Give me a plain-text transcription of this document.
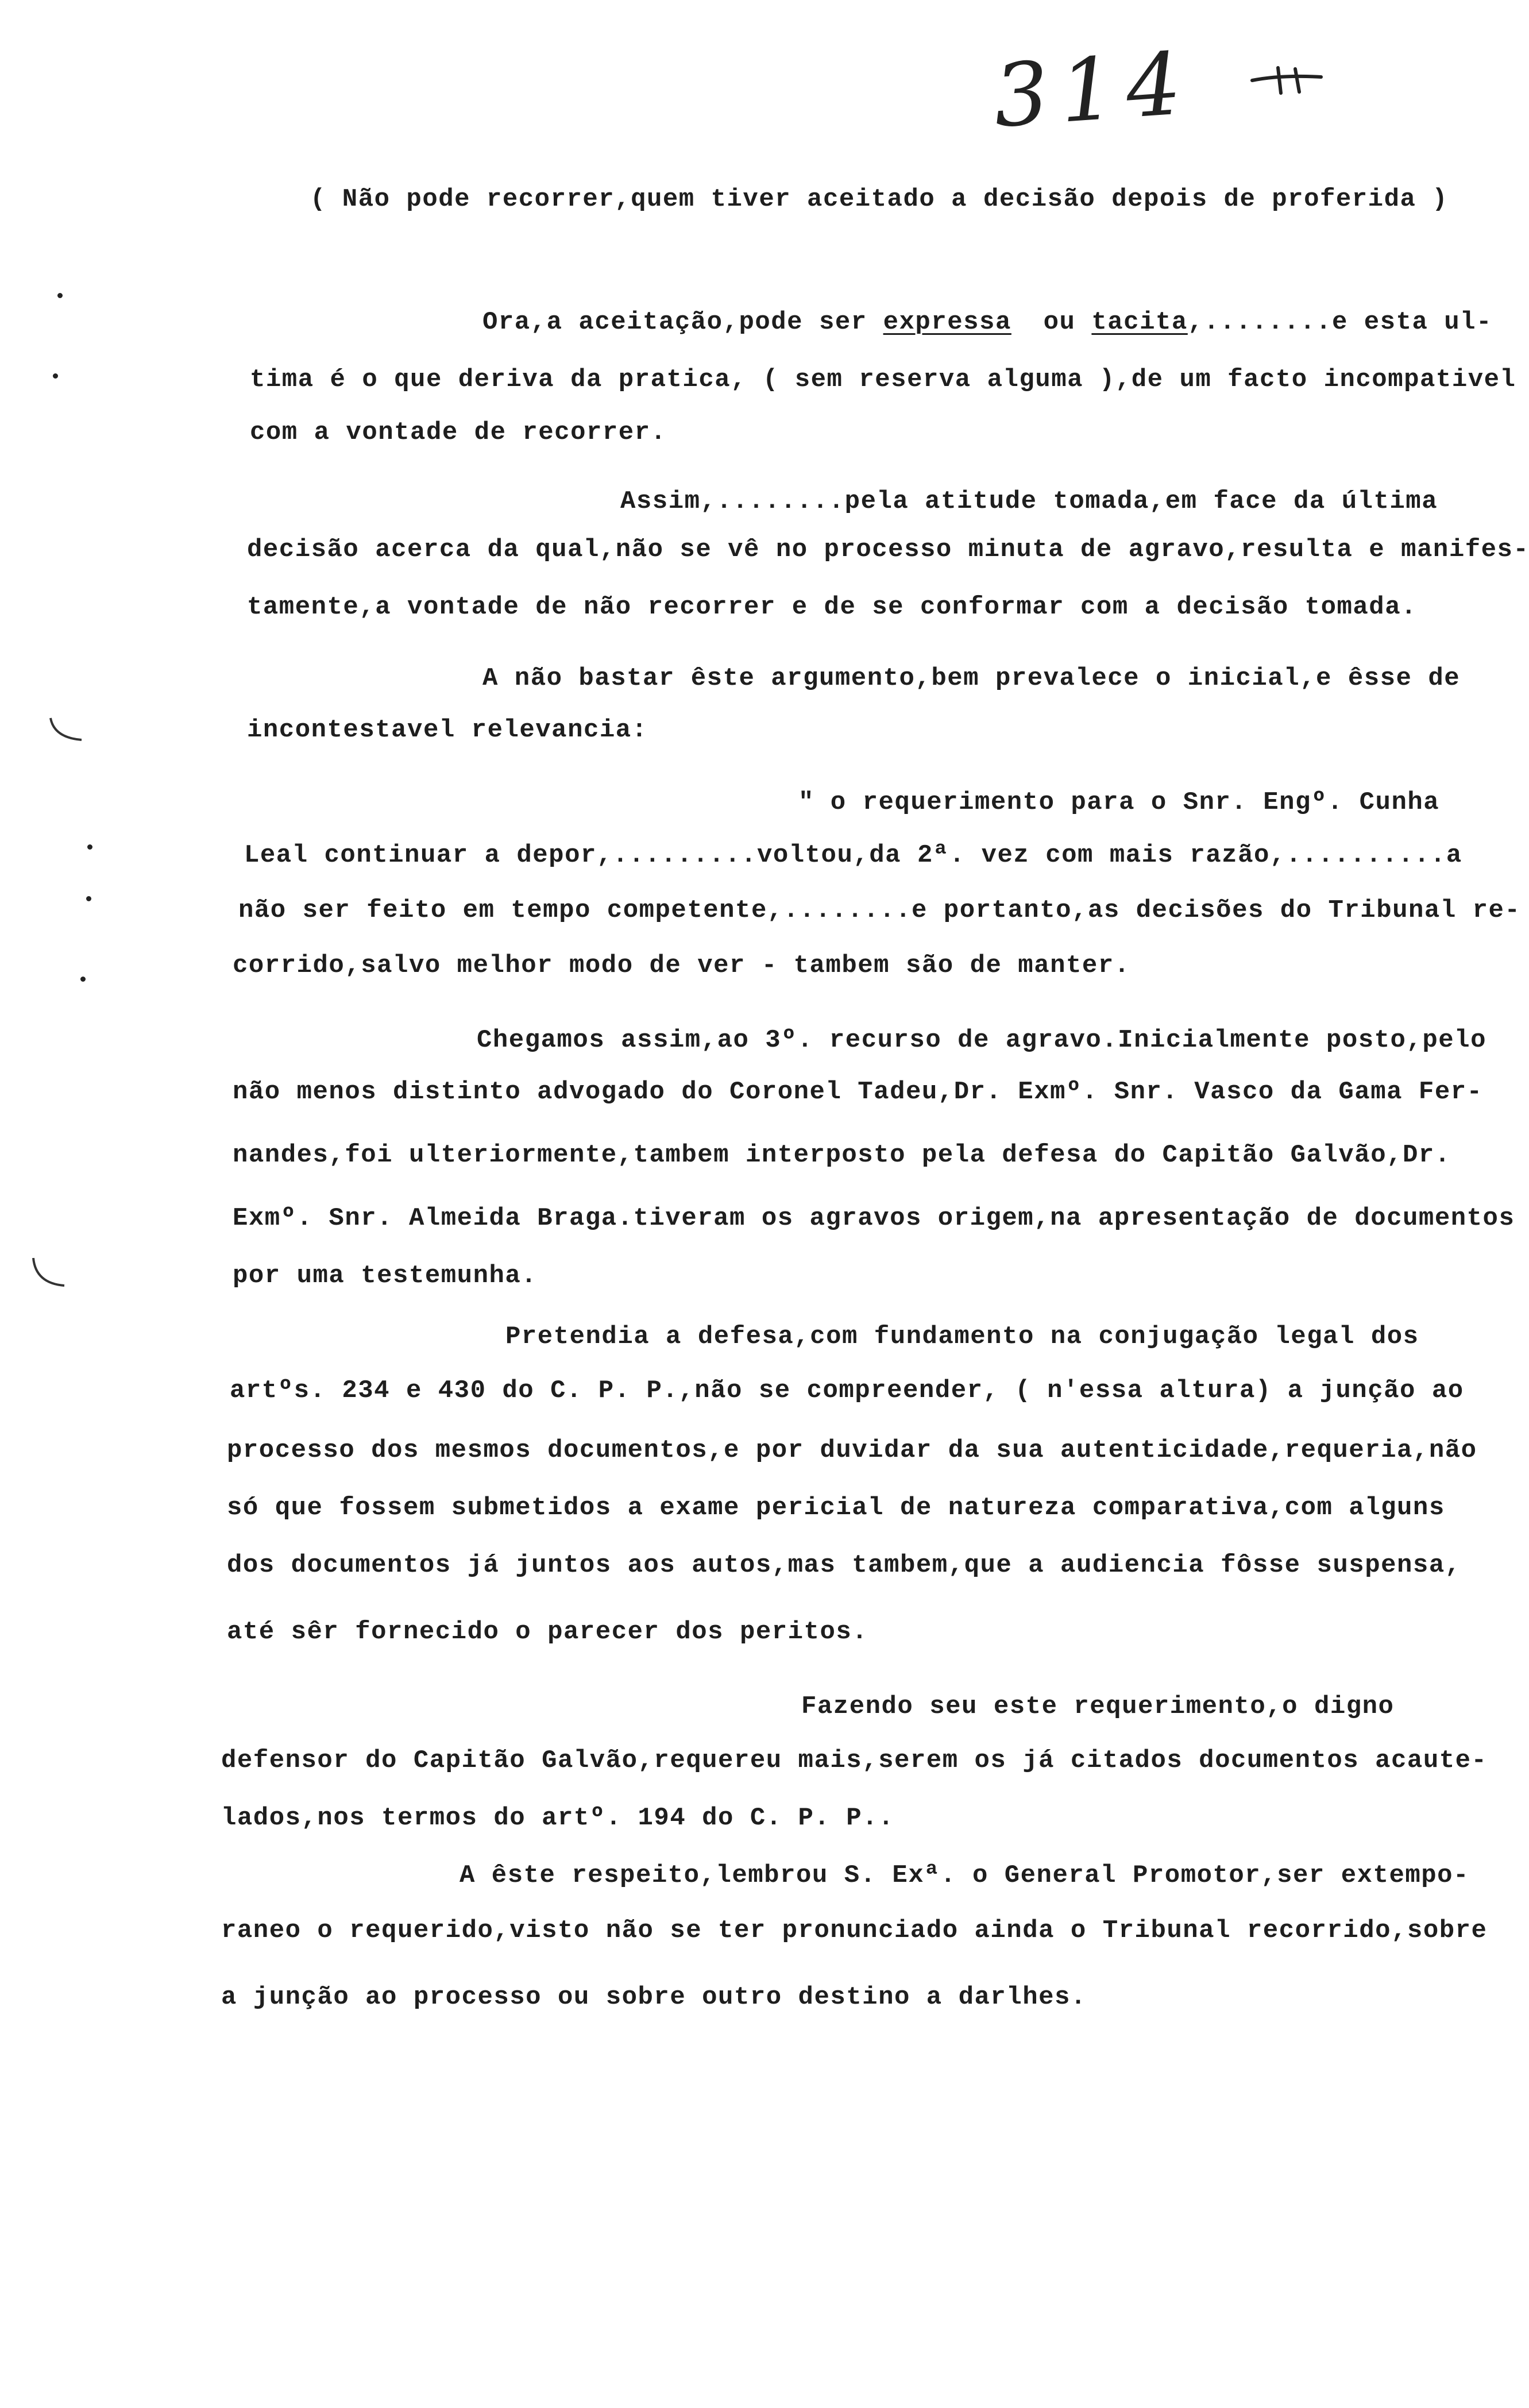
314
( Não pode recorrer,quem tiver aceitado a decisão depois de proferida )
Ora,a aceitação,pode ser expressa  ou tacita,........e esta ul-
tima é o que deriva da pratica, ( sem reserva alguma ),de um facto incompativel
com a vontade de recorrer.
Assim,........pela atitude tomada,em face da última
decisão acerca da qual,não se vê no processo minuta de agravo,resulta e manifes-
tamente,a vontade de não recorrer e de se conformar com a decisão tomada.
A não bastar êste argumento,bem prevalece o inicial,e êsse de
incontestavel relevancia:
" o requerimento para o Snr. Engº. Cunha
Leal continuar a depor,.........voltou,da 2ª. vez com mais razão,..........a
não ser feito em tempo competente,........e portanto,as decisões do Tribunal re-
corrido,salvo melhor modo de ver - tambem são de manter.
Chegamos assim,ao 3º. recurso de agravo.Inicialmente posto,pelo
não menos distinto advogado do Coronel Tadeu,Dr. Exmº. Snr. Vasco da Gama Fer-
nandes,foi ulteriormente,tambem interposto pela defesa do Capitão Galvão,Dr.
Exmº. Snr. Almeida Braga.tiveram os agravos origem,na apresentação de documentos
por uma testemunha.
Pretendia a defesa,com fundamento na conjugação legal dos
artºs. 234 e 430 do C. P. P.,não se compreender, ( n'essa altura) a junção ao
processo dos mesmos documentos,e por duvidar da sua autenticidade,requeria,não
só que fossem submetidos a exame pericial de natureza comparativa,com alguns
dos documentos já juntos aos autos,mas tambem,que a audiencia fôsse suspensa,
até sêr fornecido o parecer dos peritos.
Fazendo seu este requerimento,o digno
defensor do Capitão Galvão,requereu mais,serem os já citados documentos acaute-
lados,nos termos do artº. 194 do C. P. P..
A êste respeito,lembrou S. Exª. o General Promotor,ser extempo-
raneo o requerido,visto não se ter pronunciado ainda o Tribunal recorrido,sobre
a junção ao processo ou sobre outro destino a darlhes.
